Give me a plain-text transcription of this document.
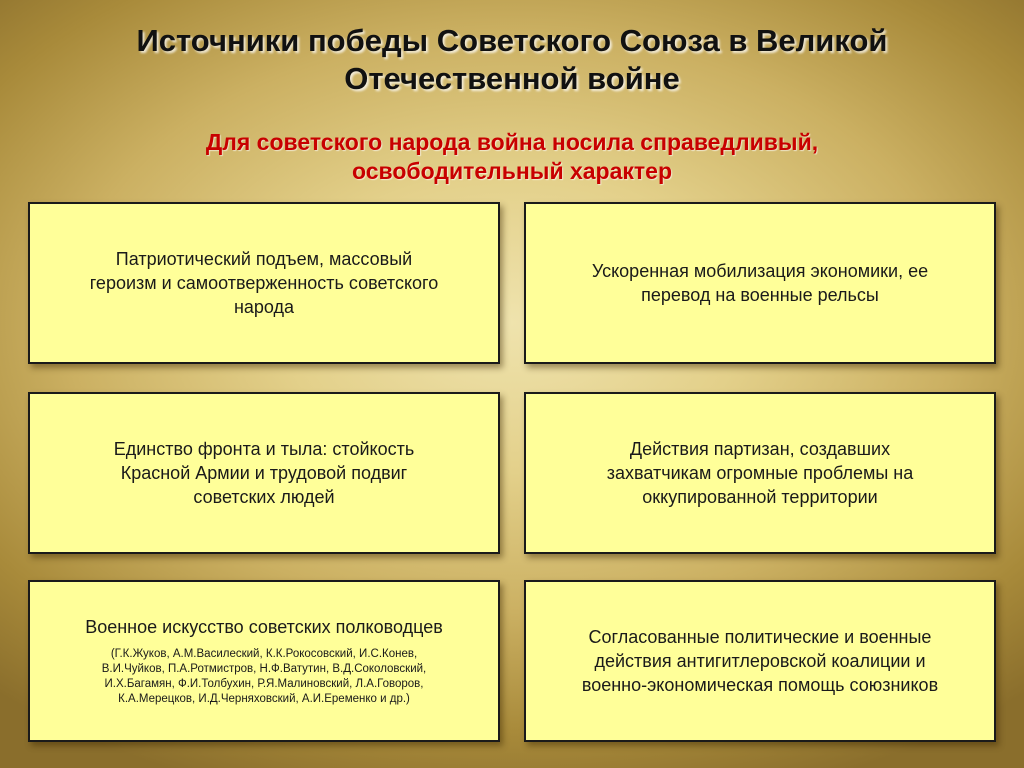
Источники победы Советского Союза в Великой
Отечественной войне
Для советского народа война носила справедливый,
освободительный характер
Патриотический подъем, массовый
героизм и самоотверженность советского
народа
Ускоренная мобилизация экономики, ее
перевод на военные рельсы
Единство фронта и тыла: стойкость
Красной Армии и трудовой подвиг
советских людей
Действия партизан, создавших
захватчикам огромные проблемы на
оккупированной территории
Военное искусство советских полководцев
(Г.К.Жуков, А.М.Василеский, К.К.Рокосовский, И.С.Конев,
В.И.Чуйков, П.А.Ротмистров, Н.Ф.Ватутин, В.Д.Соколовский,
И.Х.Багамян, Ф.И.Толбухин, Р.Я.Малиновский, Л.А.Говоров,
К.А.Мерецков, И.Д.Черняховский, А.И.Еременко и др.)
Согласованные политические и военные
действия антигитлеровской коалиции и
военно-экономическая помощь союзников
